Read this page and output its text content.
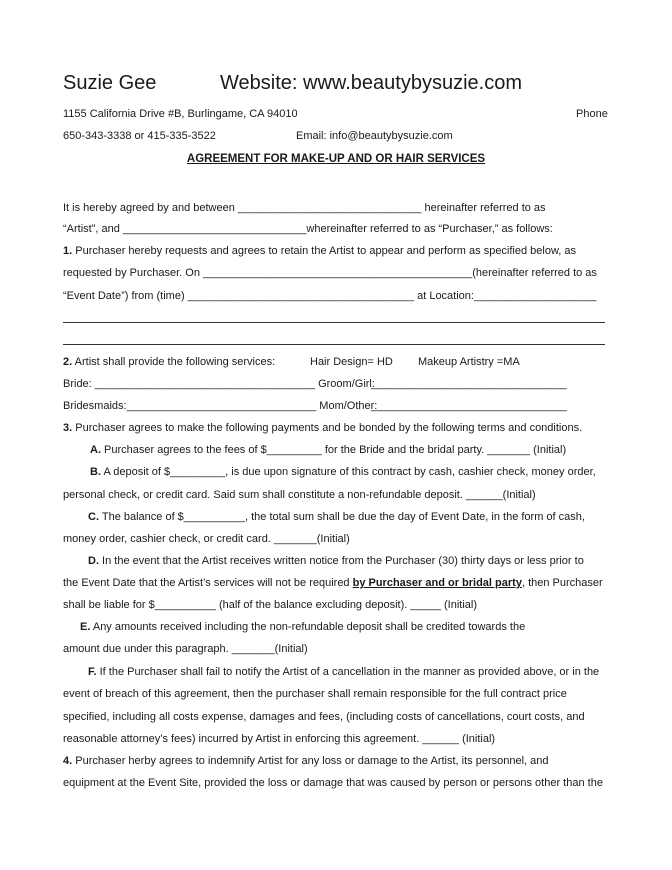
Suzie Gee	Website: www.beautybysuzie.com
1155 California Drive #B, Burlingame, CA 94010	Phone
650-343-3338 or 415-335-3522	Email: info@beautybysuzie.com
AGREEMENT FOR MAKE-UP AND OR HAIR SERVICES
It is hereby agreed by and between ______________________________ hereinafter referred to as
“Artist”, and ______________________________whereinafter referred to as “Purchaser,” as follows:
1. Purchaser hereby requests and agrees to retain the Artist to appear and perform as specified below, as
requested by Purchaser. On ____________________________________________(hereinafter referred to as
“Event Date”) from (time) _____________________________________ at Location:____________________
2. Artist shall provide the following services:	Hair Design= HD Makeup Artistry =MA
Bride: ____________________________________ Groom/Girl:
________________________________
Bridesmaids:_______________________________ Mom/Other:
________________________________
3. Purchaser agrees to make the following payments and be bonded by the following terms and conditions.
A. Purchaser agrees to the fees of $_________ for the Bride and the bridal party. _______ (Initial)
B. A deposit of $_________, is due upon signature of this contract by cash, cashier check, money order,
personal check, or credit card. Said sum shall constitute a non-refundable deposit. ______(Initial)
C. The balance of $__________, the total sum shall be due the day of Event Date, in the form of cash,
money order, cashier check, or credit card. _______(Initial)
D. In the event that the Artist receives written notice from the Purchaser (30) thirty days or less prior to
the Event Date that the Artist’s services will not be required by Purchaser and or bridal party, then Purchaser
shall be liable for $__________ (half of the balance excluding deposit). _____ (Initial)
E. Any amounts received including the non-refundable deposit shall be credited towards the
amount due under this paragraph. _______(Initial)
F. If the Purchaser shall fail to notify the Artist of a cancellation in the manner as provided above, or in the
event of breach of this agreement, then the purchaser shall remain responsible for the full contract price
specified, including all costs expense, damages and fees, (including costs of cancellations, court costs, and
reasonable attorney’s fees) incurred by Artist in enforcing this agreement. ______ (Initial)
4. Purchaser herby agrees to indemnify Artist for any loss or damage to the Artist, its personnel, and
equipment at the Event Site, provided the loss or damage that was caused by person or persons other than the
